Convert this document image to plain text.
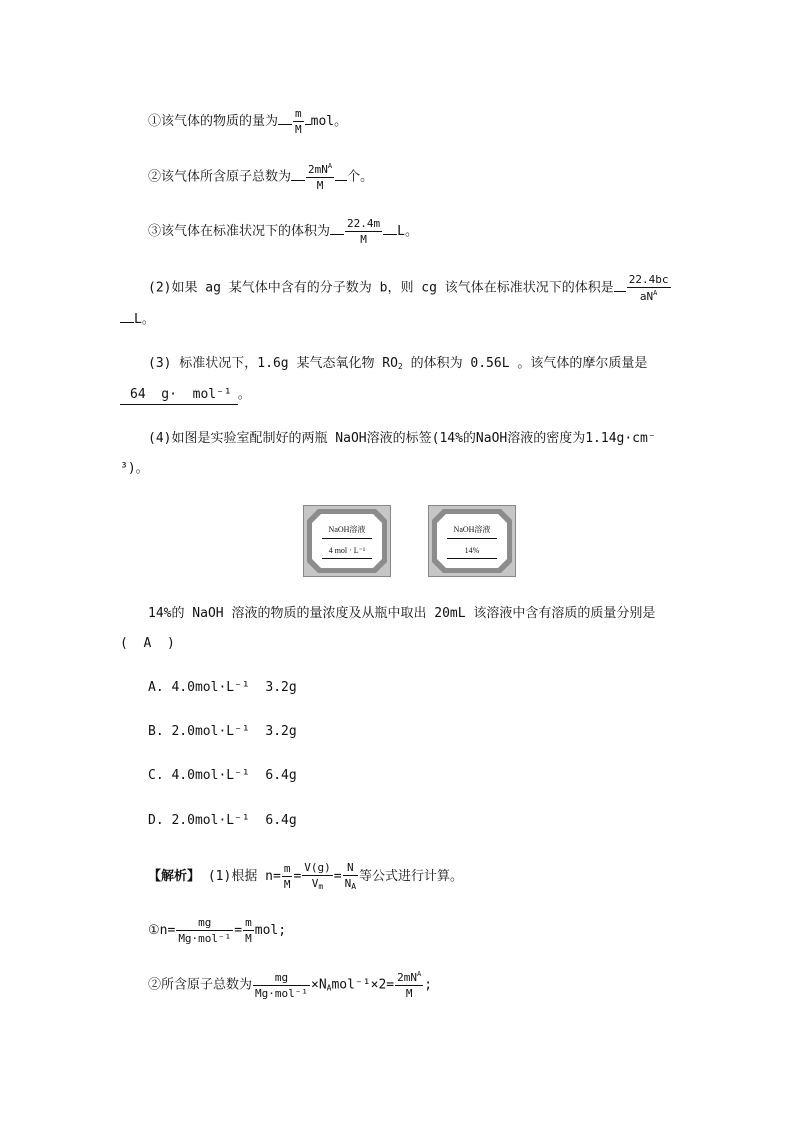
①该气体的物质的量为 $\frac{m}{M}$ mol。
②该气体所含原子总数为 $\frac{2mN^A}{M}$ 个。
③该气体在标准状况下的体积为 $\frac{22.4m}{M}$ L。
(2)如果 ag 某气体中含有的分子数为 b，则 cg 该气体在标准状况下的体积是 $\frac{22.4bc}{aN^A}$
L。
(3) 标准状况下，1.6g 某气态氧化物 $RO_2$ 的体积为 0.56L 。该气体的摩尔质量是
64  g·  mol⁻¹ 。
(4)如图是实验室配制好的两瓶 NaOH溶液的标签(14%的NaOH溶液的密度为1.14g·cm⁻
³)。
NaOH溶液
4 mol · L⁻¹
NaOH溶液
14%
14%的 NaOH 溶液的物质的量浓度及从瓶中取出 20mL 该溶液中含有溶质的质量分别是
(  A  )
A. 4.0mol·L⁻¹  3.2g
B. 2.0mol·L⁻¹  3.2g
C. 4.0mol·L⁻¹  6.4g
D. 2.0mol·L⁻¹  6.4g
【解析】 (1)根据 $n= \frac{m}{M} = \frac{V(g)}{V_m} = \frac{N}{N_A}$ 等公式进行计算。
①n= $\frac{mg}{\text{Mg·mol⁻¹}} = \frac{m}{M}$ mol;
②所含原子总数为 $\frac{mg}{\text{Mg·mol⁻¹}} \times N_Amol^{-1}\times 2= \frac{2mN^A}{M}$ ;
